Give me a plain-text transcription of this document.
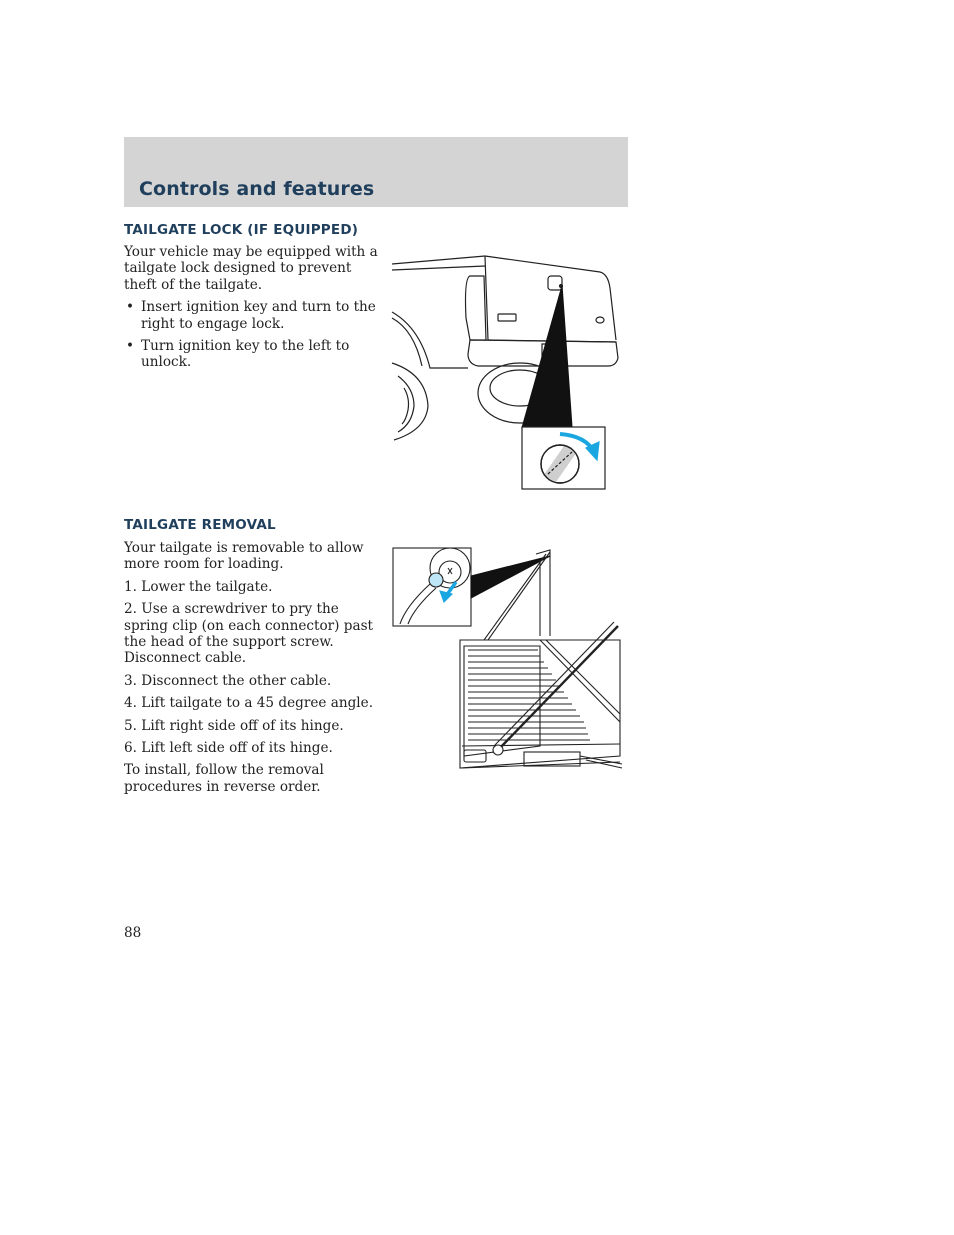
Controls and features
TAILGATE LOCK (IF EQUIPPED)

Your vehicle may be equipped with a tailgate lock designed to prevent theft of the tailgate.

• Insert ignition key and turn to the right to engage lock.
• Turn ignition key to the left to unlock.
TAILGATE REMOVAL

Your tailgate is removable to allow more room for loading.

1. Lower the tailgate.

2. Use a screwdriver to pry the spring clip (on each connector) past the head of the support screw. Disconnect cable.

3. Disconnect the other cable.

4. Lift tailgate to a 45 degree angle.

5. Lift right side off of its hinge.

6. Lift left side off of its hinge.

To install, follow the removal procedures in reverse order.

88
